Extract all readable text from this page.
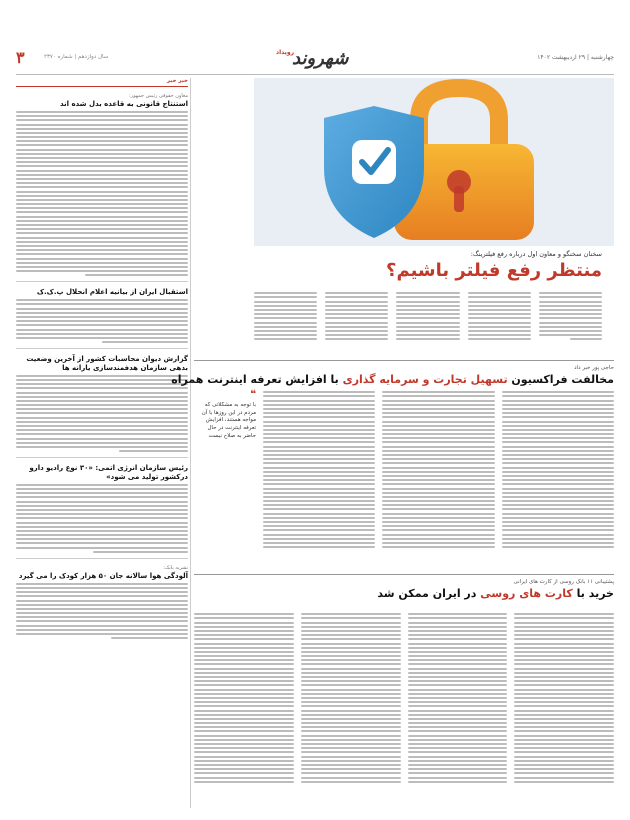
چهارشنبه | ۲۹ اردیبهشت ۱۴۰۲
شهروند
رویداد
سال دوازدهم | شماره ۲۳۷۰
۳
خبر خبر
معاون حقوقی رئیس جمهور:
استنتاج قانونی به قاعده بدل شده اند
استقبال ایران از بیانیه اعلام انحلال پ.ک.ک
گزارش دیوان محاسبات کشور از آخرین وضعیت بدهی سازمان هدفمندسازی یارانه ها
رئیس سازمان انرژی اتمی: «۳۰ نوع رادیو دارو درکشور تولید می شود»
نشریه بانک:
آلودگی هوا سالانه جان ۵۰ هزار کودک را می گیرد
سخنان سخنگو و معاون اول درباره رفع فیلترینگ:
منتظر رفع فیلتر باشیم؟
حاجی پور خبر داد
مخالفت فراکسیون تسهیل تجارت و سرمایه گذاری با افزایش تعرفه اینترنت همراه
❝
با توجه به مشکلاتی که مردم در این روزها با آن مواجه هستند، افزایش تعرفه اینترنت در حال حاضر به صلاح نیست
پشتیبانی ۱۱ بانک روسی از کارت های ایرانی
خرید با کارت های روسی در ایران ممکن شد
